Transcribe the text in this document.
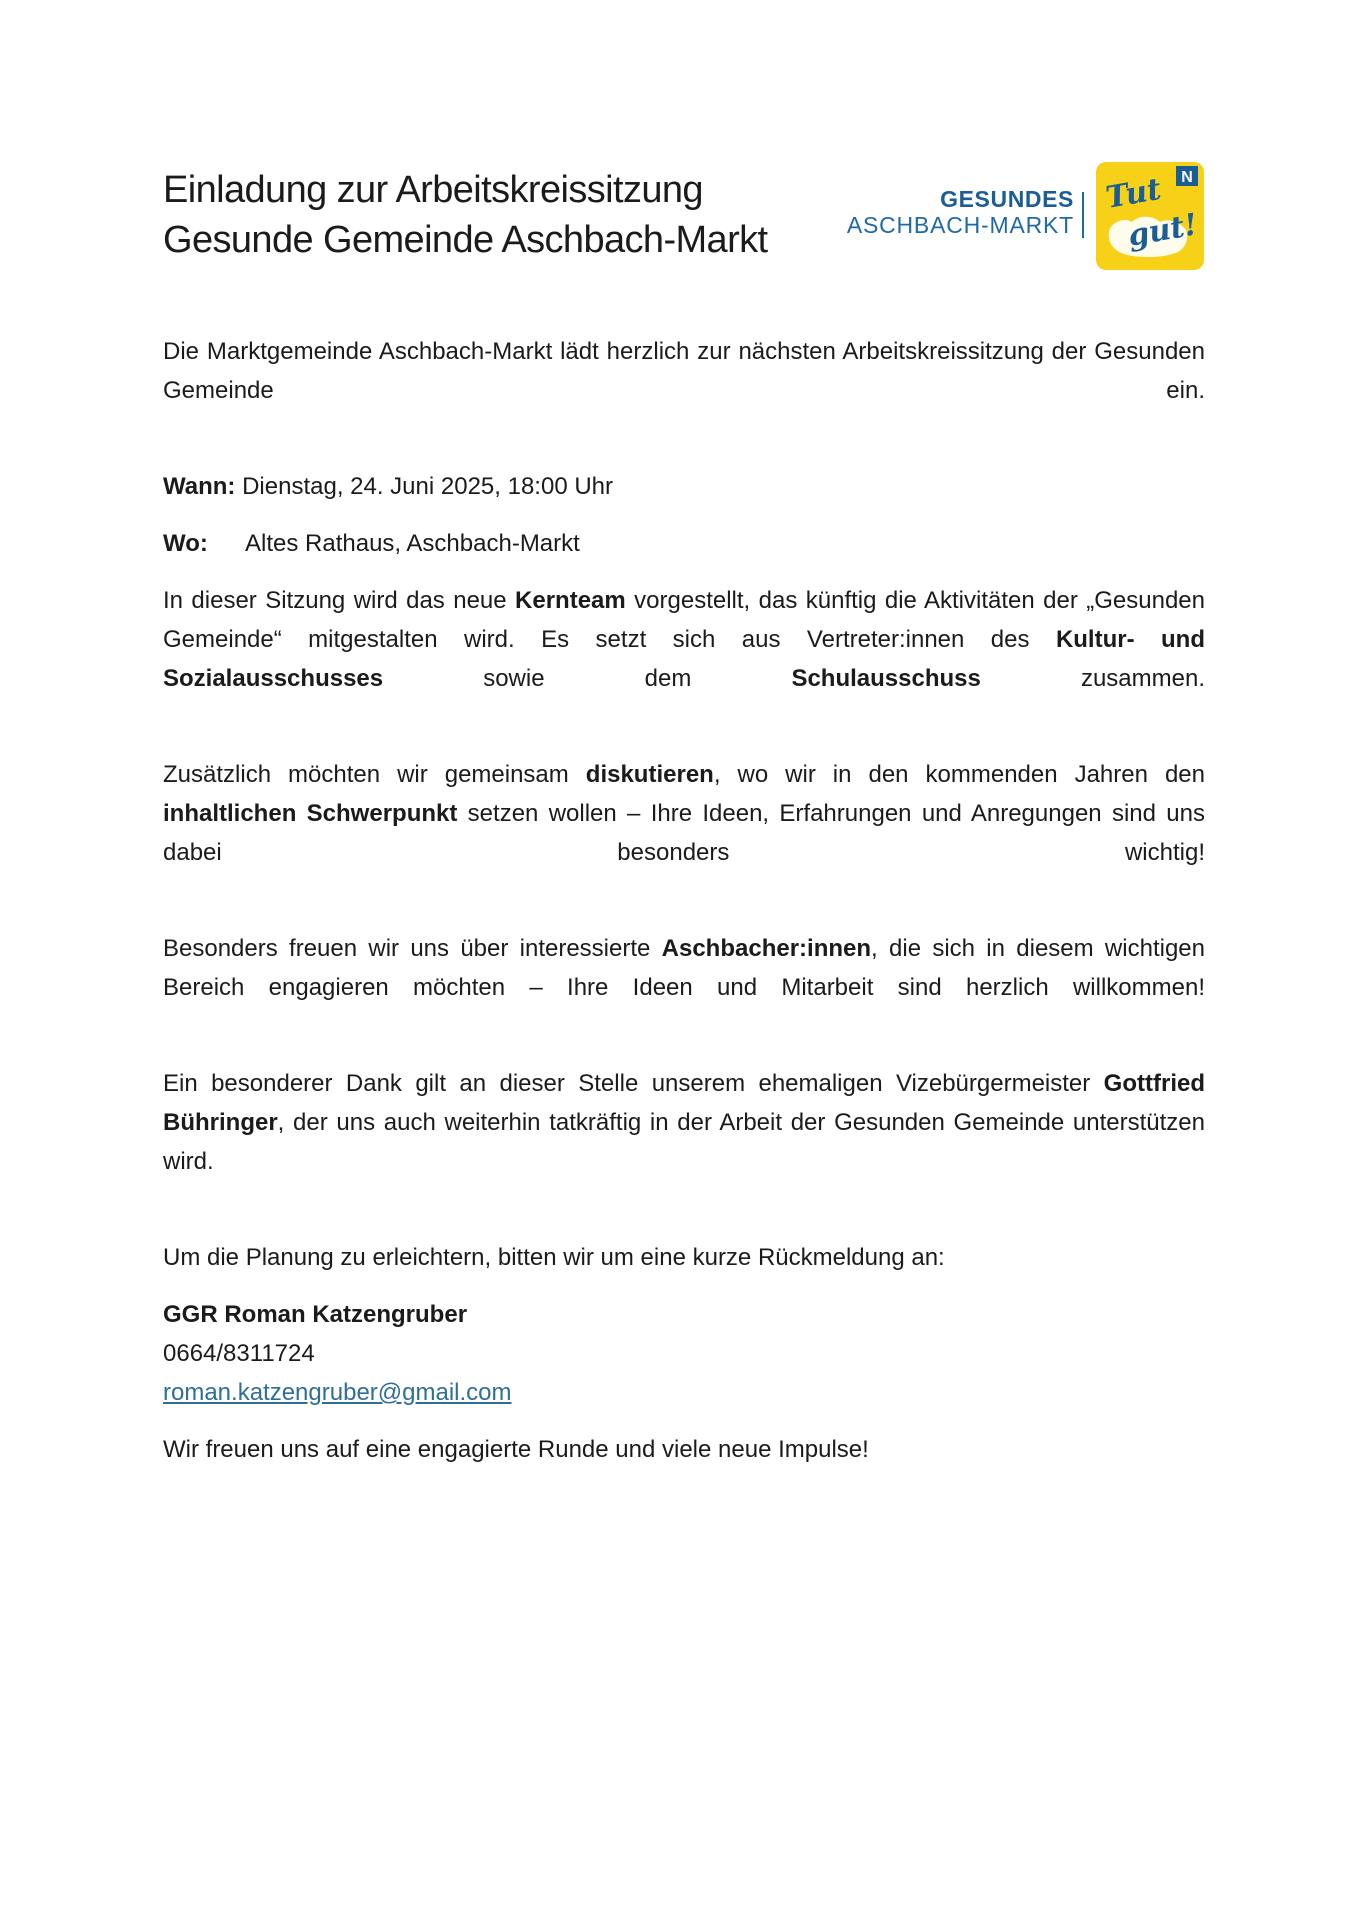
Einladung zur Arbeitskreissitzung
Gesunde Gemeinde Aschbach-Markt
GESUNDES
ASCHBACH-MARKT
N
Tut
gut!

Die Marktgemeinde Aschbach-Markt lädt herzlich zur nächsten Arbeitskreissitzung der Gesunden Gemeinde ein.

Wann: Dienstag, 24. Juni 2025, 18:00 Uhr

Wo: Altes Rathaus, Aschbach-Markt

In dieser Sitzung wird das neue Kernteam vorgestellt, das künftig die Aktivitäten der „Gesunden Gemeinde“ mitgestalten wird. Es setzt sich aus Vertreter:innen des Kultur- und Sozialausschusses sowie dem Schulausschuss zusammen.

Zusätzlich möchten wir gemeinsam diskutieren, wo wir in den kommenden Jahren den inhaltlichen Schwerpunkt setzen wollen – Ihre Ideen, Erfahrungen und Anregungen sind uns dabei besonders wichtig!

Besonders freuen wir uns über interessierte Aschbacher:innen, die sich in diesem wichtigen Bereich engagieren möchten – Ihre Ideen und Mitarbeit sind herzlich willkommen!

Ein besonderer Dank gilt an dieser Stelle unserem ehemaligen Vizebürgermeister Gottfried Bühringer, der uns auch weiterhin tatkräftig in der Arbeit der Gesunden Gemeinde unterstützen wird.

Um die Planung zu erleichtern, bitten wir um eine kurze Rückmeldung an:

GGR Roman Katzengruber

0664/8311724

roman.katzengruber@gmail.com

Wir freuen uns auf eine engagierte Runde und viele neue Impulse!
